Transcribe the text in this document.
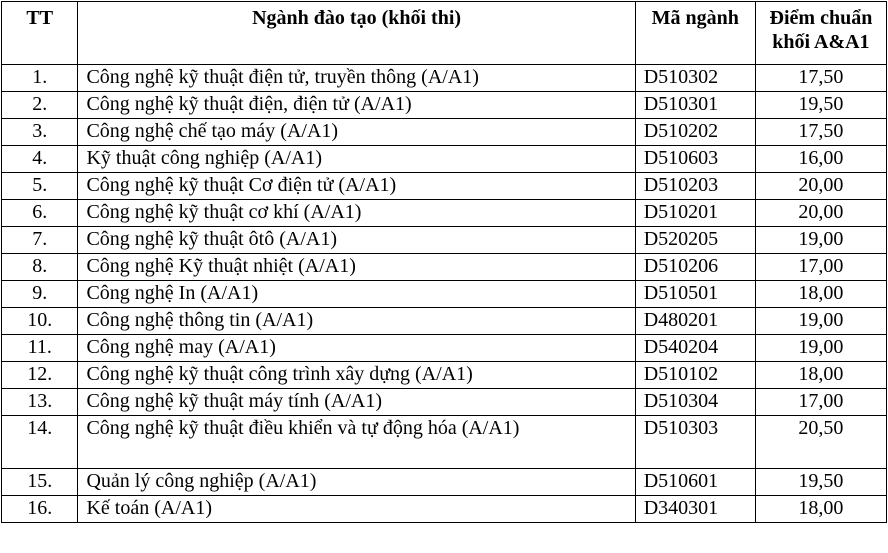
TT	Ngành đào tạo (khối thi)	Mã ngành	Điểm chuẩn khối A&A1
1.	Công nghệ kỹ thuật điện tử, truyền thông (A/A1)	D510302	17,50
2.	Công nghệ kỹ thuật điện, điện tử (A/A1)	D510301	19,50
3.	Công nghệ chế tạo máy (A/A1)	D510202	17,50
4.	Kỹ thuật công nghiệp (A/A1)	D510603	16,00
5.	Công nghệ kỹ thuật Cơ điện tử (A/A1)	D510203	20,00
6.	Công nghệ kỹ thuật cơ khí (A/A1)	D510201	20,00
7.	Công nghệ kỹ thuật ôtô (A/A1)	D520205	19,00
8.	Công nghệ Kỹ thuật nhiệt (A/A1)	D510206	17,00
9.	Công nghệ In (A/A1)	D510501	18,00
10.	Công nghệ thông tin (A/A1)	D480201	19,00
11.	Công nghệ may (A/A1)	D540204	19,00
12.	Công nghệ kỹ thuật công trình xây dựng (A/A1)	D510102	18,00
13.	Công nghệ kỹ thuật máy tính (A/A1)	D510304	17,00
14.	Công nghệ kỹ thuật điều khiển và tự động hóa (A/A1)	D510303	20,50
15.	Quản lý công nghiệp (A/A1)	D510601	19,50
16.	Kế toán (A/A1)	D340301	18,00
